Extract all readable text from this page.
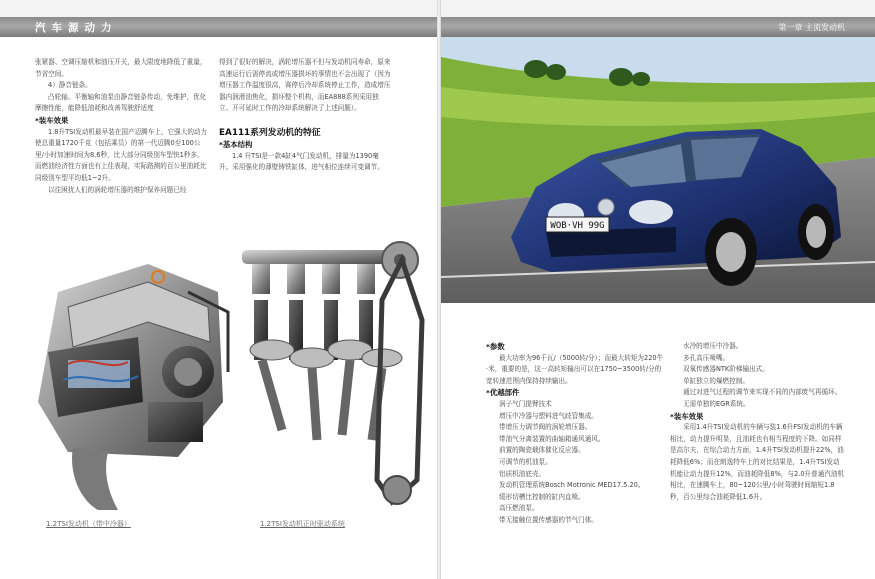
汽车源动力	第一章 主流发动机

张紧器、空调压缩机和油压开关，最大限度地降低了重量，节省空间。

4）静音链条。

凸轮轴、平衡轴和油泵由静音链条传动，免维护，优化摩擦性能，能降低油耗和改善驾驶舒适度

*装车效果

1.8升TSI发动机最早装在国产迈腾车上，它强大的动力使总重量1720千克（包括乘员）的第一代迈腾0至100公里/小时加速时间为8.6秒，比大部分同级别车型快1秒多。而燃油经济性方面也有上佳表现，实际路测的百公里油耗比同级别车型平均低1~2升。

以往困扰人们的涡轮增压器的维护保养问题已经

得到了很好的解决，涡轮增压器不但与发动机同寿命，原来高速运行后需停流或增压器损坏的事情也不会出现了（因为增压器工作温度很高，赛停后冷却系统停止工作，造成增压器内润滑油焦化，损坏整个机构，而EA888系列采用独立、开可延时工作的冷却系统解决了上述问题）。

EA111系列发动机的特征

*基本结构

1.4 升TSI是一款4缸4气门发动机，排量为1390毫升。采用强化的薄壁铸铁缸体，进气相位连续可变调节。

1.2TSI发动机（带中冷器）	1.2TSI发动机正时驱动系统
WOB·VH 99G

*参数

最大功率为96千瓦/（5000转/分）；而最大转矩为220牛·米，重要的是，这一高转矩输出可以在1750~3500转/分的宽转速范围内保持持续输出。

*优越部件

涡子气门提臂技术

增压中冷器与塑料进气歧管集成。

带增压力调节阀的涡轮增压器。

带油气分离装置的曲轴箱通风通风。

前置的陶瓷载体催化反应器。

可调节的机油泵。

铝质机油底壳。

发动机管理系统Bosch Motronic MED17.5.20。

缓形切槽比控制的缸内直喷。

高压燃油泵。

带无接触位置传感器的节气门体。

水冷的增压中冷器。

多孔高压喷嘴。

双氧传感器NTK阶梯输出式。

单缸独立的爆燃控制。

通过对进气过程的调节来实现不同的内部废气再循环。

无需单独的EGR系统。

*装车效果

采用1.4升TSI发动机的车辆与装1.6升FSI发动机的车辆相比，动力提升明显，且油耗也有相当程度的下降。如同样是高尔夫，在综合动力方面，1.4升TSI发动机提升22%，油耗降低6%；而在朗逸特车上的对比结果是，1.4升TSI发动机能让动力提升12%，而油耗降低8%，与2.0升普通汽油机相比，在速腾车上，80~120公里/小时驾驶时间缩短1.8秒，百公里综合油耗降低1.6升。
